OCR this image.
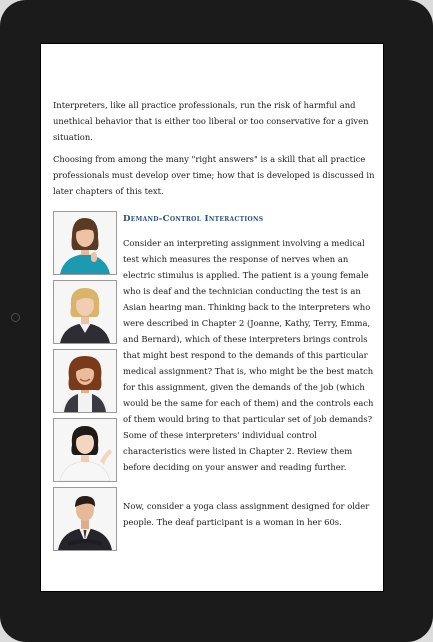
Interpreters, like all practice professionals, run the risk of harmful and unethical behavior that is either too liberal or too conservative for a given situation.

Choosing from among the many "right answers" is a skill that all practice professionals must develop over time; how that is developed is discussed in later chapters of this text.

Demand-Control Interactions

Consider an interpreting assignment involving a medical test which measures the response of nerves when an electric stimulus is applied. The patient is a young female who is deaf and the technician conducting the test is an Asian hearing man. Thinking back to the interpreters who were described in Chapter 2 (Joanne, Kathy, Terry, Emma, and Bernard), which of these interpreters brings controls that might best respond to the demands of this particular medical assignment? That is, who might be the best match for this assignment, given the demands of the job (which would be the same for each of them) and the controls each of them would bring to that particular set of job demands? Some of these interpreters' individual control characteristics were listed in Chapter 2. Review them before deciding on your answer and reading further.

Now, consider a yoga class assignment designed for older people. The deaf participant is a woman in her 60s.
